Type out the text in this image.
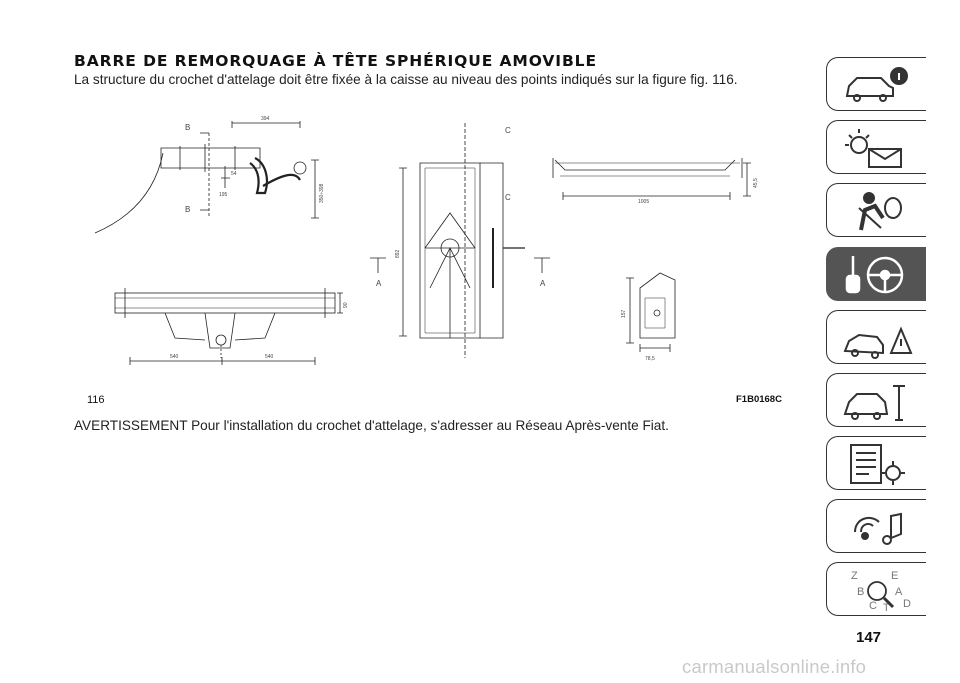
BARRE DE REMORQUAGE À TÊTE SPHÉRIQUE AMOVIBLE

La structure du crochet d'attelage doit être fixée à la caisse au niveau des points indiqués sur la figure fig. 116.

B
B
394
54
195	350÷398
540	540
90
C
C
A	A
892
1005
45,5
157
78,5
116	F1B0168C

AVERTISSEMENT Pour l'installation du crochet d'attelage, s'adresser au Réseau Après-vente Fiat.

147
carmanualsonline.info
Z	E
B	A
C T D
